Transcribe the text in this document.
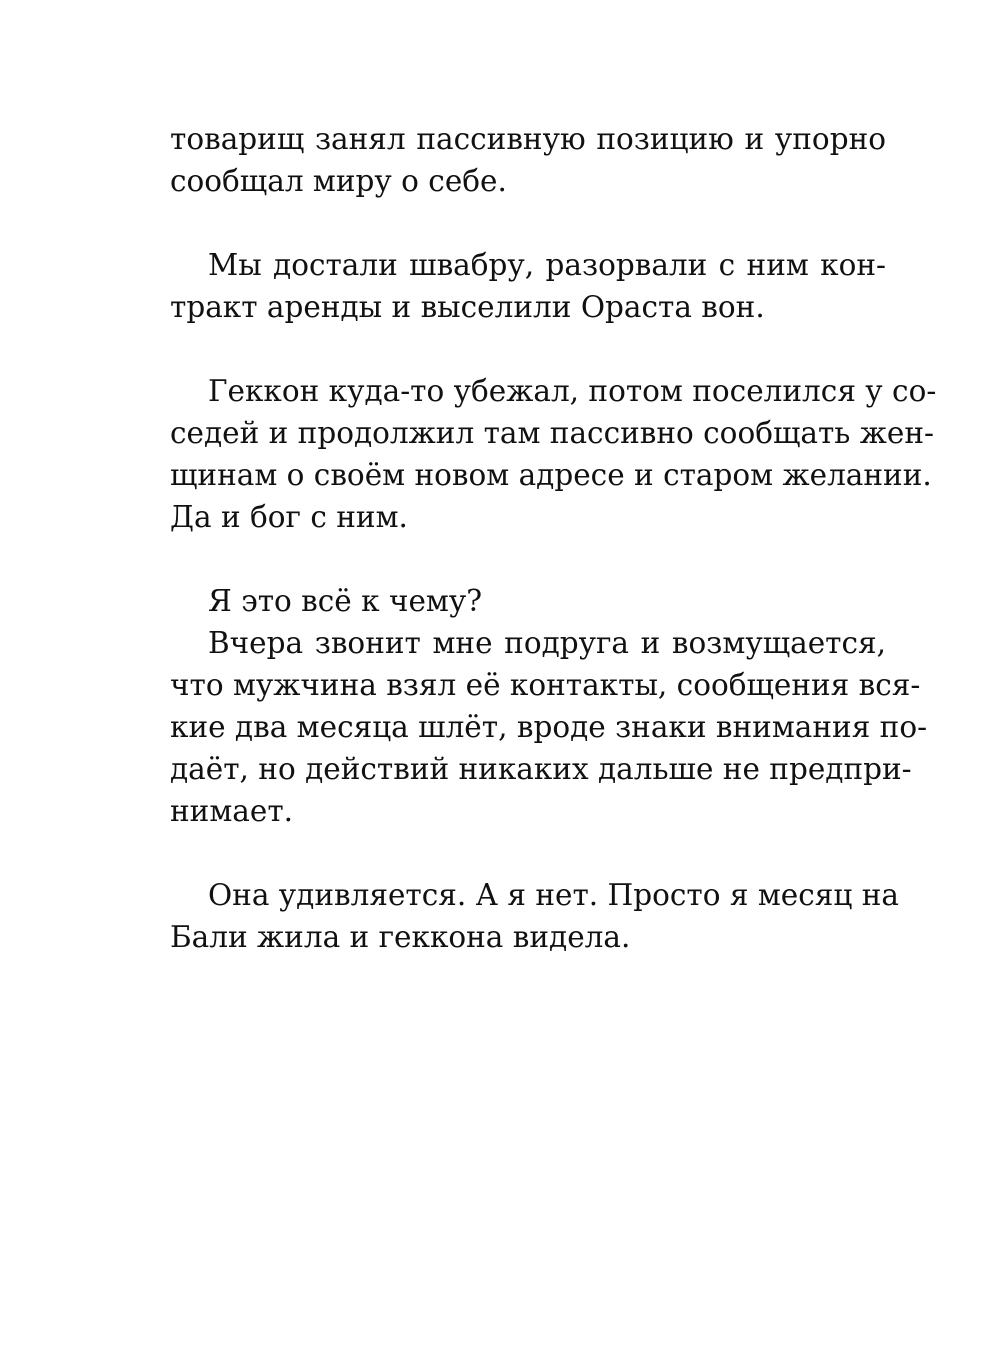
товарищ занял пассивную позицию и упорно
сообщал миру о себе.
Мы достали швабру, разорвали с ним кон-
тракт аренды и выселили Ораста вон.
Геккон куда-то убежал, потом поселился у со-
седей и продолжил там пассивно сообщать жен-
щинам о своём новом адресе и старом желании.
Да и бог с ним.
Я это всё к чему?
Вчера звонит мне подруга и возмущается,
что мужчина взял её контакты, сообщения вся-
кие два месяца шлёт, вроде знаки внимания по-
даёт, но действий никаких дальше не предпри-
нимает.
Она удивляется. А я нет. Просто я месяц на
Бали жила и геккона видела.
